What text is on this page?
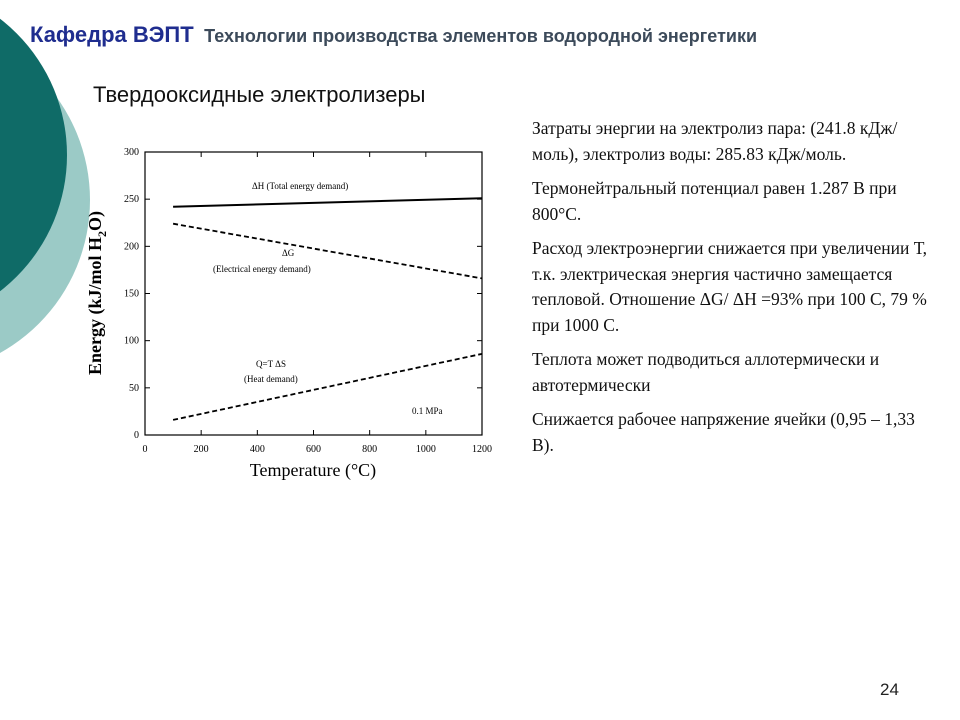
Кафедра ВЭПТ Технологии производства элементов водородной энергетики
Твердооксидные электролизеры
0
50
100
150
200
250
300
0	200	400	600	800	1000	1200
ΔH (Total energy demand)
ΔG
(Electrical energy demand)
Q=T ΔS
(Heat demand)
0.1 MPa
Temperature (°C)
Energy (kJ/mol $H_2O$)

Затраты энергии на электролиз пара: (241.8 кДж/моль), электролиз воды: 285.83 кДж/моль.

Термонейтральный потенциал равен 1.287 В при 800°С.

Расход электроэнергии снижается при увеличении Т, т.к. электрическая энергия частично замещается тепловой. Отношение ΔG/ ΔH =93% при 100 С, 79 % при 1000 С.

Теплота может подводиться аллотермически и автотермически

Снижается рабочее напряжение ячейки (0,95 – 1,33 В).

24
